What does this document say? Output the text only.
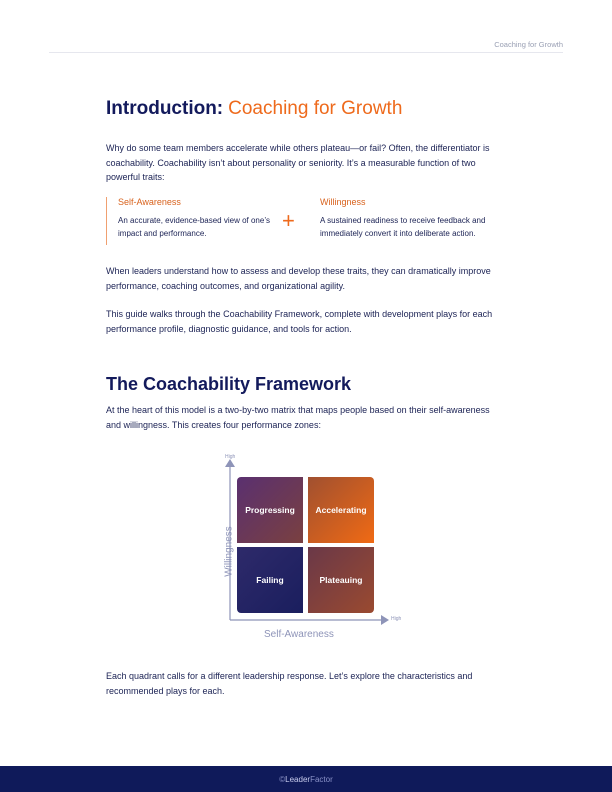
Coaching for Growth
Introduction: Coaching for Growth

Why do some team members accelerate while others plateau—or fail? Often, the differentiator is coachability. Coachability isn’t about personality or seniority. It’s a measurable function of two powerful traits:

Self-Awareness
An accurate, evidence-based view of one’s impact and performance.
+
Willingness
A sustained readiness to receive feedback and immediately convert it into deliberate action.

When leaders understand how to assess and develop these traits, they can dramatically improve performance, coaching outcomes, and organizational agility.

This guide walks through the Coachability Framework, complete with development plays for each performance profile, diagnostic guidance, and tools for action.

The Coachability Framework

At the heart of this model is a two-by-two matrix that maps people based on their self-awareness and willingness. This creates four performance zones:

High
High
Progressing	Accelerating
Failing	Plateauing
Willingness
Self-Awareness

Each quadrant calls for a different leadership response. Let’s explore the characteristics and recommended plays for each.

© Leader Factor
